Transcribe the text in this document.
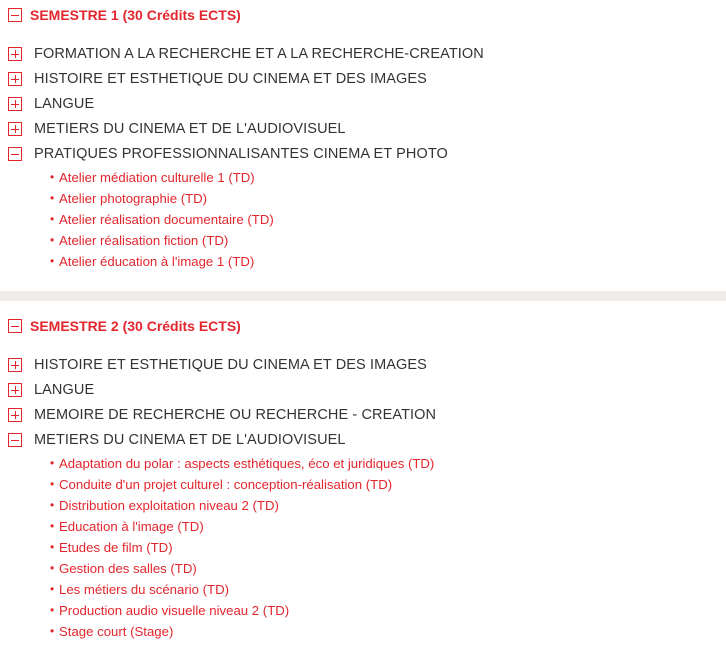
SEMESTRE 1 (30 Crédits ECTS)
FORMATION A LA RECHERCHE ET A LA RECHERCHE-CREATION
HISTOIRE ET ESTHETIQUE DU CINEMA ET DES IMAGES
LANGUE
METIERS DU CINEMA ET DE L'AUDIOVISUEL
PRATIQUES PROFESSIONNALISANTES CINEMA ET PHOTO
• Atelier médiation culturelle 1 (TD)
• Atelier photographie (TD)
• Atelier réalisation documentaire (TD)
• Atelier réalisation fiction (TD)
• Atelier éducation à l'image 1 (TD)
SEMESTRE 2 (30 Crédits ECTS)
HISTOIRE ET ESTHETIQUE DU CINEMA ET DES IMAGES
LANGUE
MEMOIRE DE RECHERCHE OU RECHERCHE - CREATION
METIERS DU CINEMA ET DE L'AUDIOVISUEL
• Adaptation du polar : aspects esthétiques, éco et juridiques (TD)
• Conduite d'un projet culturel : conception-réalisation (TD)
• Distribution exploitation niveau 2 (TD)
• Education à l'image (TD)
• Etudes de film (TD)
• Gestion des salles (TD)
• Les métiers du scénario (TD)
• Production audio visuelle niveau 2 (TD)
• Stage court (Stage)
